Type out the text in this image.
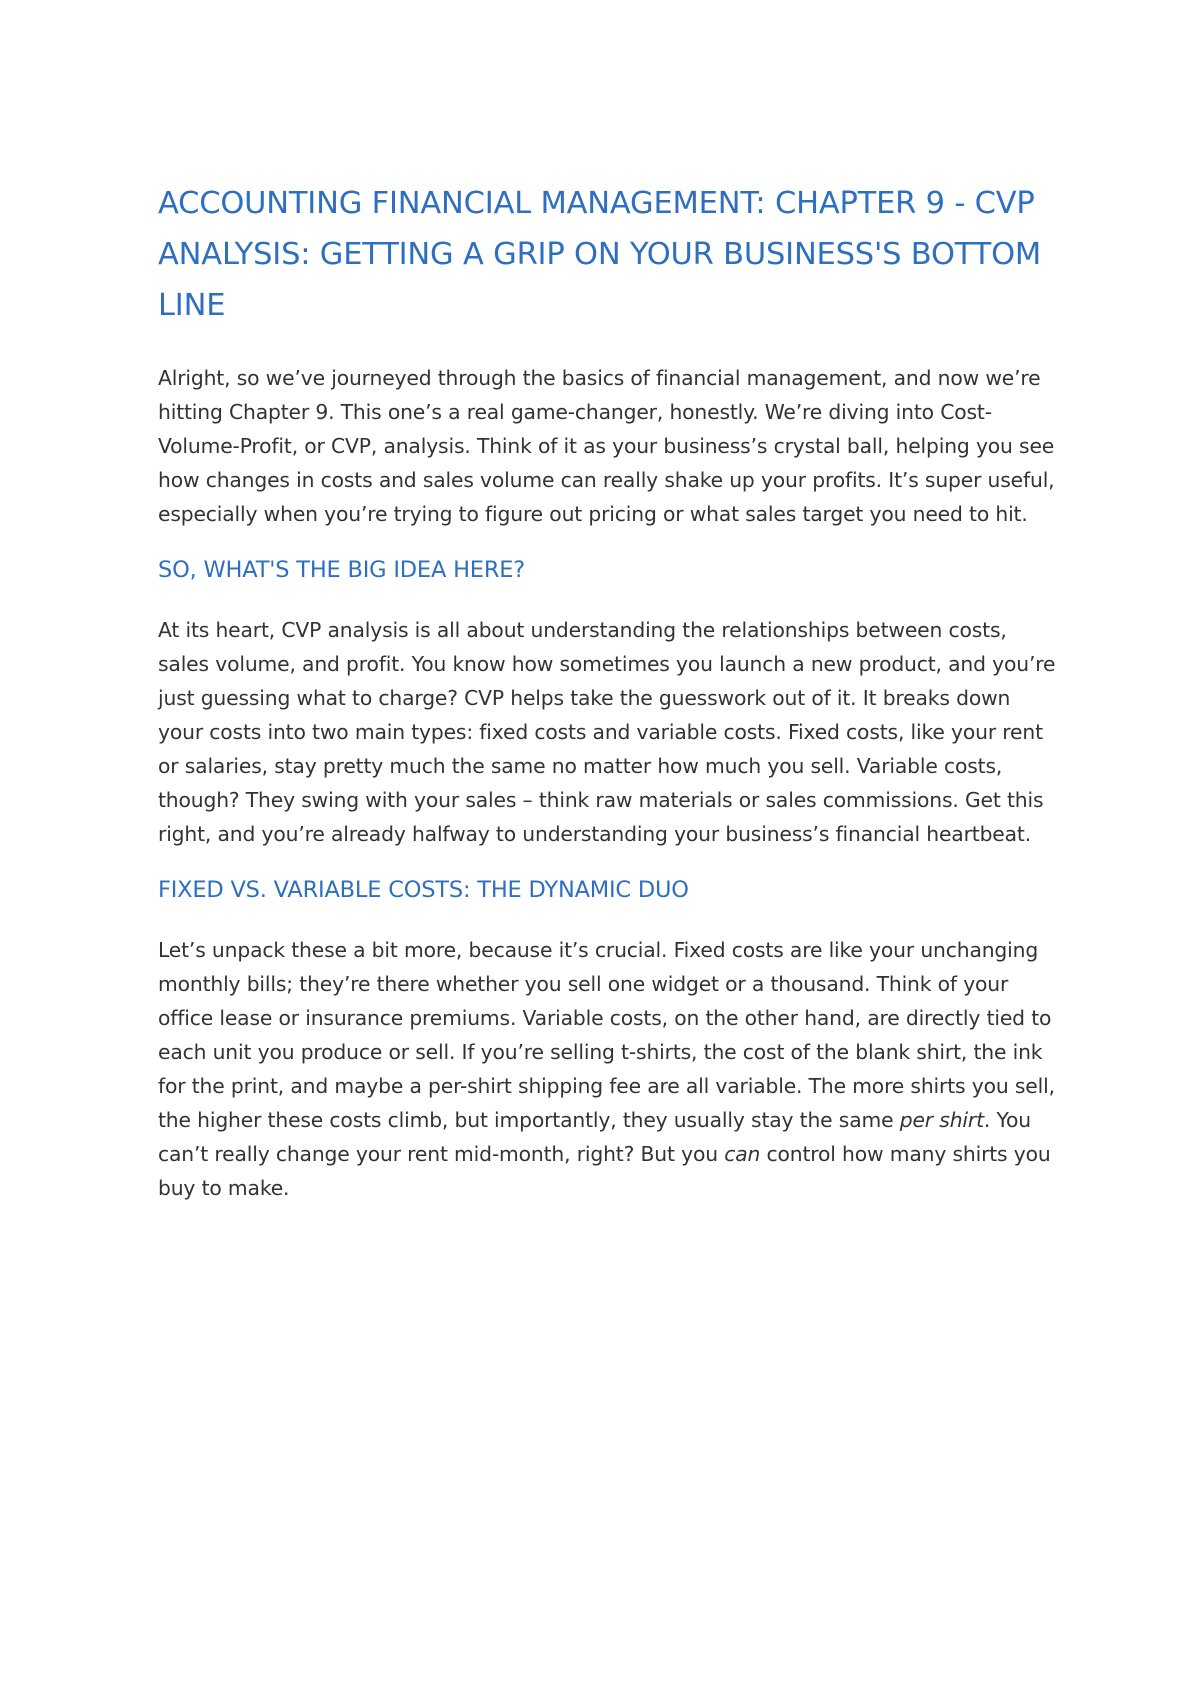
ACCOUNTING FINANCIAL MANAGEMENT: CHAPTER 9 - CVP ANALYSIS: GETTING A GRIP ON YOUR BUSINESS'S BOTTOM LINE

Alright, so we’ve journeyed through the basics of financial management, and now we’re hitting Chapter 9. This one’s a real game-changer, honestly. We’re diving into Cost-Volume-Profit, or CVP, analysis. Think of it as your business’s crystal ball, helping you see how changes in costs and sales volume can really shake up your profits. It’s super useful, especially when you’re trying to figure out pricing or what sales target you need to hit.

SO, WHAT'S THE BIG IDEA HERE?

At its heart, CVP analysis is all about understanding the relationships between costs, sales volume, and profit. You know how sometimes you launch a new product, and you’re just guessing what to charge? CVP helps take the guesswork out of it. It breaks down your costs into two main types: fixed costs and variable costs. Fixed costs, like your rent or salaries, stay pretty much the same no matter how much you sell. Variable costs, though? They swing with your sales – think raw materials or sales commissions. Get this right, and you’re already halfway to understanding your business’s financial heartbeat.

FIXED VS. VARIABLE COSTS: THE DYNAMIC DUO

Let’s unpack these a bit more, because it’s crucial. Fixed costs are like your unchanging monthly bills; they’re there whether you sell one widget or a thousand. Think of your office lease or insurance premiums. Variable costs, on the other hand, are directly tied to each unit you produce or sell. If you’re selling t-shirts, the cost of the blank shirt, the ink for the print, and maybe a per-shirt shipping fee are all variable. The more shirts you sell, the higher these costs climb, but importantly, they usually stay the same per shirt. You can’t really change your rent mid-month, right? But you can control how many shirts you buy to make.
